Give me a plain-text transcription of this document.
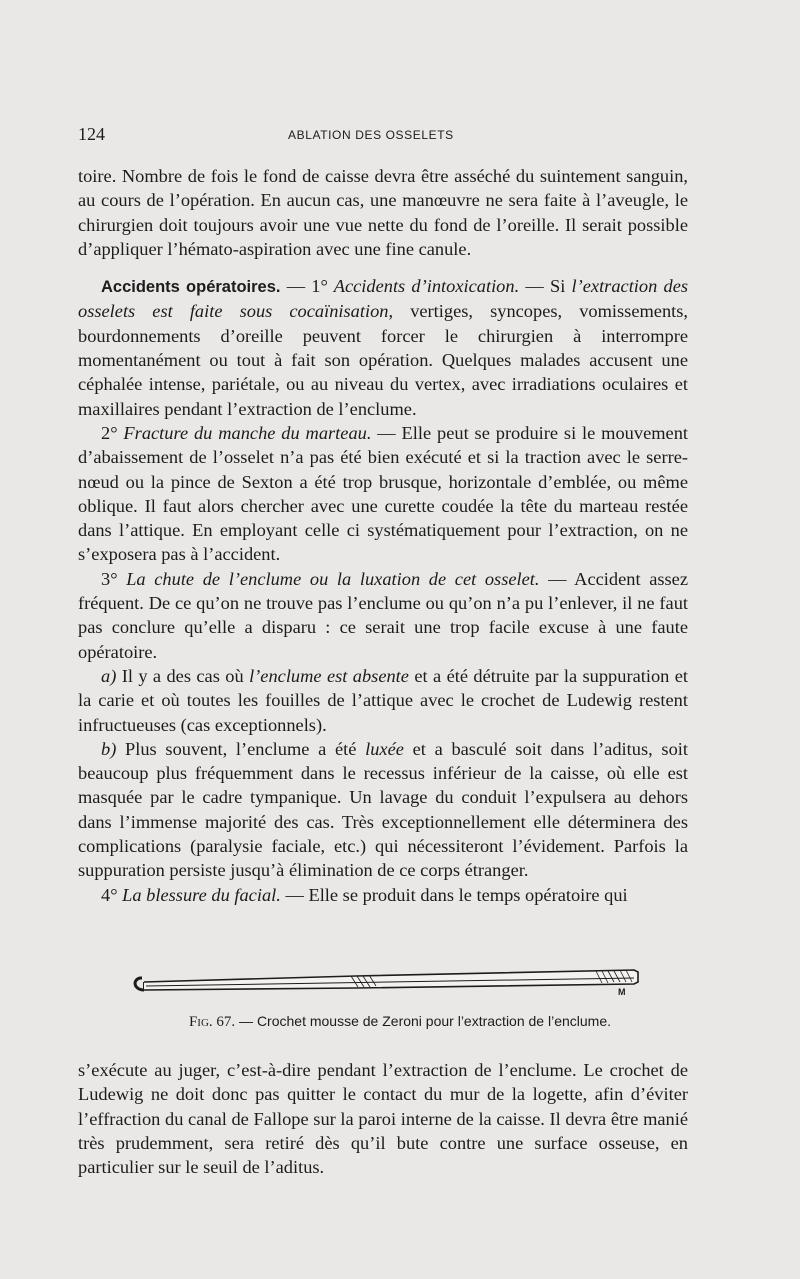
124	ABLATION DES OSSELETS

toire. Nombre de fois le fond de caisse devra être asséché du suintement sanguin, au cours de l’opération. En aucun cas, une manœuvre ne sera faite à l’aveugle, le chirurgien doit toujours avoir une vue nette du fond de l’oreille. Il serait possible d’appliquer l’hémato-aspiration avec une fine canule.

Accidents opératoires. — 1° Accidents d’intoxication. — Si l’extraction des osselets est faite sous cocaïnisation, vertiges, syncopes, vomissements, bourdonnements d’oreille peuvent forcer le chirurgien à interrompre momentanément ou tout à fait son opération. Quelques malades accusent une céphalée intense, pariétale, ou au niveau du vertex, avec irradiations oculaires et maxillaires pendant l’extraction de l’enclume.

2° Fracture du manche du marteau. — Elle peut se produire si le mouvement d’abaissement de l’osselet n’a pas été bien exécuté et si la traction avec le serre-nœud ou la pince de Sexton a été trop brusque, horizontale d’emblée, ou même oblique. Il faut alors chercher avec une curette coudée la tête du marteau restée dans l’attique. En employant celle ci systématiquement pour l’extraction, on ne s’exposera pas à l’accident.

3° La chute de l’enclume ou la luxation de cet osselet. — Accident assez fréquent. De ce qu’on ne trouve pas l’enclume ou qu’on n’a pu l’enlever, il ne faut pas conclure qu’elle a disparu : ce serait une trop facile excuse à une faute opératoire.

a) Il y a des cas où l’enclume est absente et a été détruite par la suppuration et la carie et où toutes les fouilles de l’attique avec le crochet de Ludewig restent infructueuses (cas exceptionnels).

b) Plus souvent, l’enclume a été luxée et a basculé soit dans l’aditus, soit beaucoup plus fréquemment dans le recessus inférieur de la caisse, où elle est masquée par le cadre tympanique. Un lavage du conduit l’expulsera au dehors dans l’immense majorité des cas. Très exceptionnellement elle déterminera des complications (paralysie faciale, etc.) qui nécessiteront l’évidement. Parfois la suppuration persiste jusqu’à élimination de ce corps étranger.

4° La blessure du facial. — Elle se produit dans le temps opératoire qui

M
Fig. 67. — Crochet mousse de Zeroni pour l’extraction de l’enclume.

s’exécute au juger, c’est-à-dire pendant l’extraction de l’enclume. Le crochet de Ludewig ne doit donc pas quitter le contact du mur de la logette, afin d’éviter l’effraction du canal de Fallope sur la paroi interne de la caisse. Il devra être manié très prudemment, sera retiré dès qu’il bute contre une surface osseuse, en particulier sur le seuil de l’aditus.
